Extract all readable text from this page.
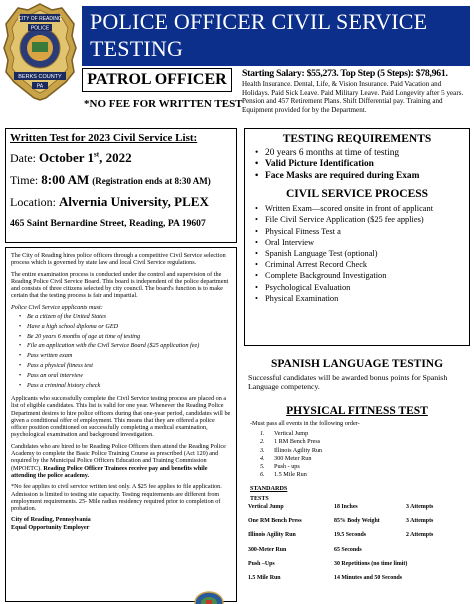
CITY OF READING
POLICE
BERKS COUNTY
PA
POLICE OFFICER CIVIL SERVICE
TESTING
PATROL OFFICER
*NO FEE FOR WRITTEN TEST
Starting Salary: $55,273. Top Step (5 Steps): $78,961.
Health Insurance. Dental, Life, & Vision Insurance. Paid Vacation and Holidays. Paid Sick Leave. Paid Military Leave. Paid Longevity after 5 years. Pension and 457 Retirement Plans. Shift Differential pay. Training and Equipment provided for by the Department.
Written Test for 2023 Civil Service List:
Date: October 1st, 2022
Time: 8:00 AM (Registration ends at 8:30 AM)
Location: Alvernia University, PLEX
465 Saint Bernardine Street, Reading, PA 19607

The City of Reading hires police officers through a competitive Civil Service selection process which is governed by state law and local Civil Service regulations.

The entire examination process is conducted under the control and supervision of the Reading Police Civil Service Board. This board is independent of the police department and consists of three citizens selected by city council. The board's function is to make certain that the testing process is fair and impartial.

Police Civil Service applicants must:

• Be a citizen of the United States
• Have a high school diploma or GED
• Be 20 years 6 months of age at time of testing
• File an application with the Civil Service Board ($25 application fee)
• Pass written exam
• Pass a physical fitness test
• Pass an oral interview
• Pass a criminal history check

Applicants who successfully complete the Civil Service testing process are placed on a list of eligible candidates. This list is valid for one year. Whenever the Reading Police Department desires to hire police officers during that one-year period, candidates will be given a conditional offer of employment. This means that they are offered a police officer position conditioned on successfully completing a medical examination, psychological examination and background investigation.

Candidates who are hired to be Reading Police Officers then attend the Reading Police Academy to complete the Basic Police Training Course as prescribed (Act 120) and required by the Municipal Police Officers Education and Training Commission (MPOETC). Reading Police Officer Trainees receive pay and benefits while attending the police academy.

*No fee applies to civil service written test only. A $25 fee applies to file application. Admission is limited to testing site capacity. Testing requirements are different from employment requirements. 25- Mile radius residency required prior to completion of probation.

City of Reading, Pennsylvania
Equal Opportunity Employer
TESTING REQUIREMENTS
• 20 years 6 months at time of testing
• Valid Picture Identification
• Face Masks are required during Exam
CIVIL SERVICE PROCESS
• Written Exam—scored onsite in front of applicant
• File Civil Service Application ($25 fee applies)
• Physical Fitness Test a
• Oral Interview
• Spanish Language Test (optional)
• Criminal Arrest Record Check
• Complete Background Investigation
• Psychological Evaluation
• Physical Examination
SPANISH LANGUAGE TESTING
Successful candidates will be awarded bonus points for Spanish Language competency.
PHYSICAL FITNESS TEST
-Must pass all events in the following order-
1. Vertical Jump
2. 1 RM Bench Press
3. Illinois Agility Run
4. 300 Meter Run
5. Push - ups
6. 1.5 Mile Run
STANDARDS
TESTS
Vertical Jump	18 Inches	3 Attempts
One RM Bench Press	85% Body Weight	3 Attempts
Illinois Agility Run	19.5 Seconds	2 Attempts
300-Meter Run	65 Seconds	
Push –Ups	30 Repetitions (no time limit)	
1.5 Mile Run	14 Minutes and 50 Seconds	
